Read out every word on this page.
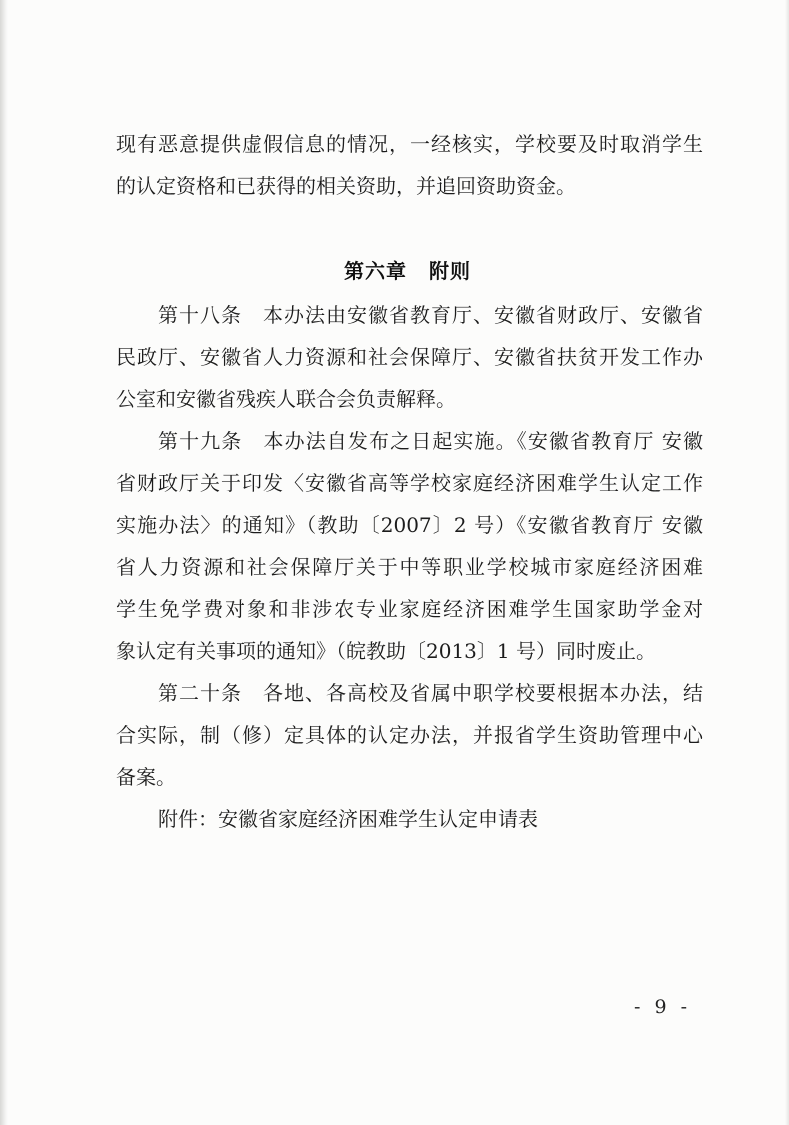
现有恶意提供虚假信息的情况，一经核实，学校要及时取消学生
的认定资格和已获得的相关资助，并追回资助资金。
第六章 附则
第十八条　本办法由安徽省教育厅、安徽省财政厅、安徽省
民政厅、安徽省人力资源和社会保障厅、安徽省扶贫开发工作办
公室和安徽省残疾人联合会负责解释。
第十九条　本办法自发布之日起实施。《安徽省教育厅 安徽
省财政厅关于印发〈安徽省高等学校家庭经济困难学生认定工作
实施办法〉的通知》（教助〔2007〕2 号）《安徽省教育厅 安徽
省人力资源和社会保障厅关于中等职业学校城市家庭经济困难
学生免学费对象和非涉农专业家庭经济困难学生国家助学金对
象认定有关事项的通知》（皖教助〔2013〕1 号）同时废止。
第二十条　各地、各高校及省属中职学校要根据本办法，结
合实际，制（修）定具体的认定办法，并报省学生资助管理中心
备案。
附件：安徽省家庭经济困难学生认定申请表
- 9 -
